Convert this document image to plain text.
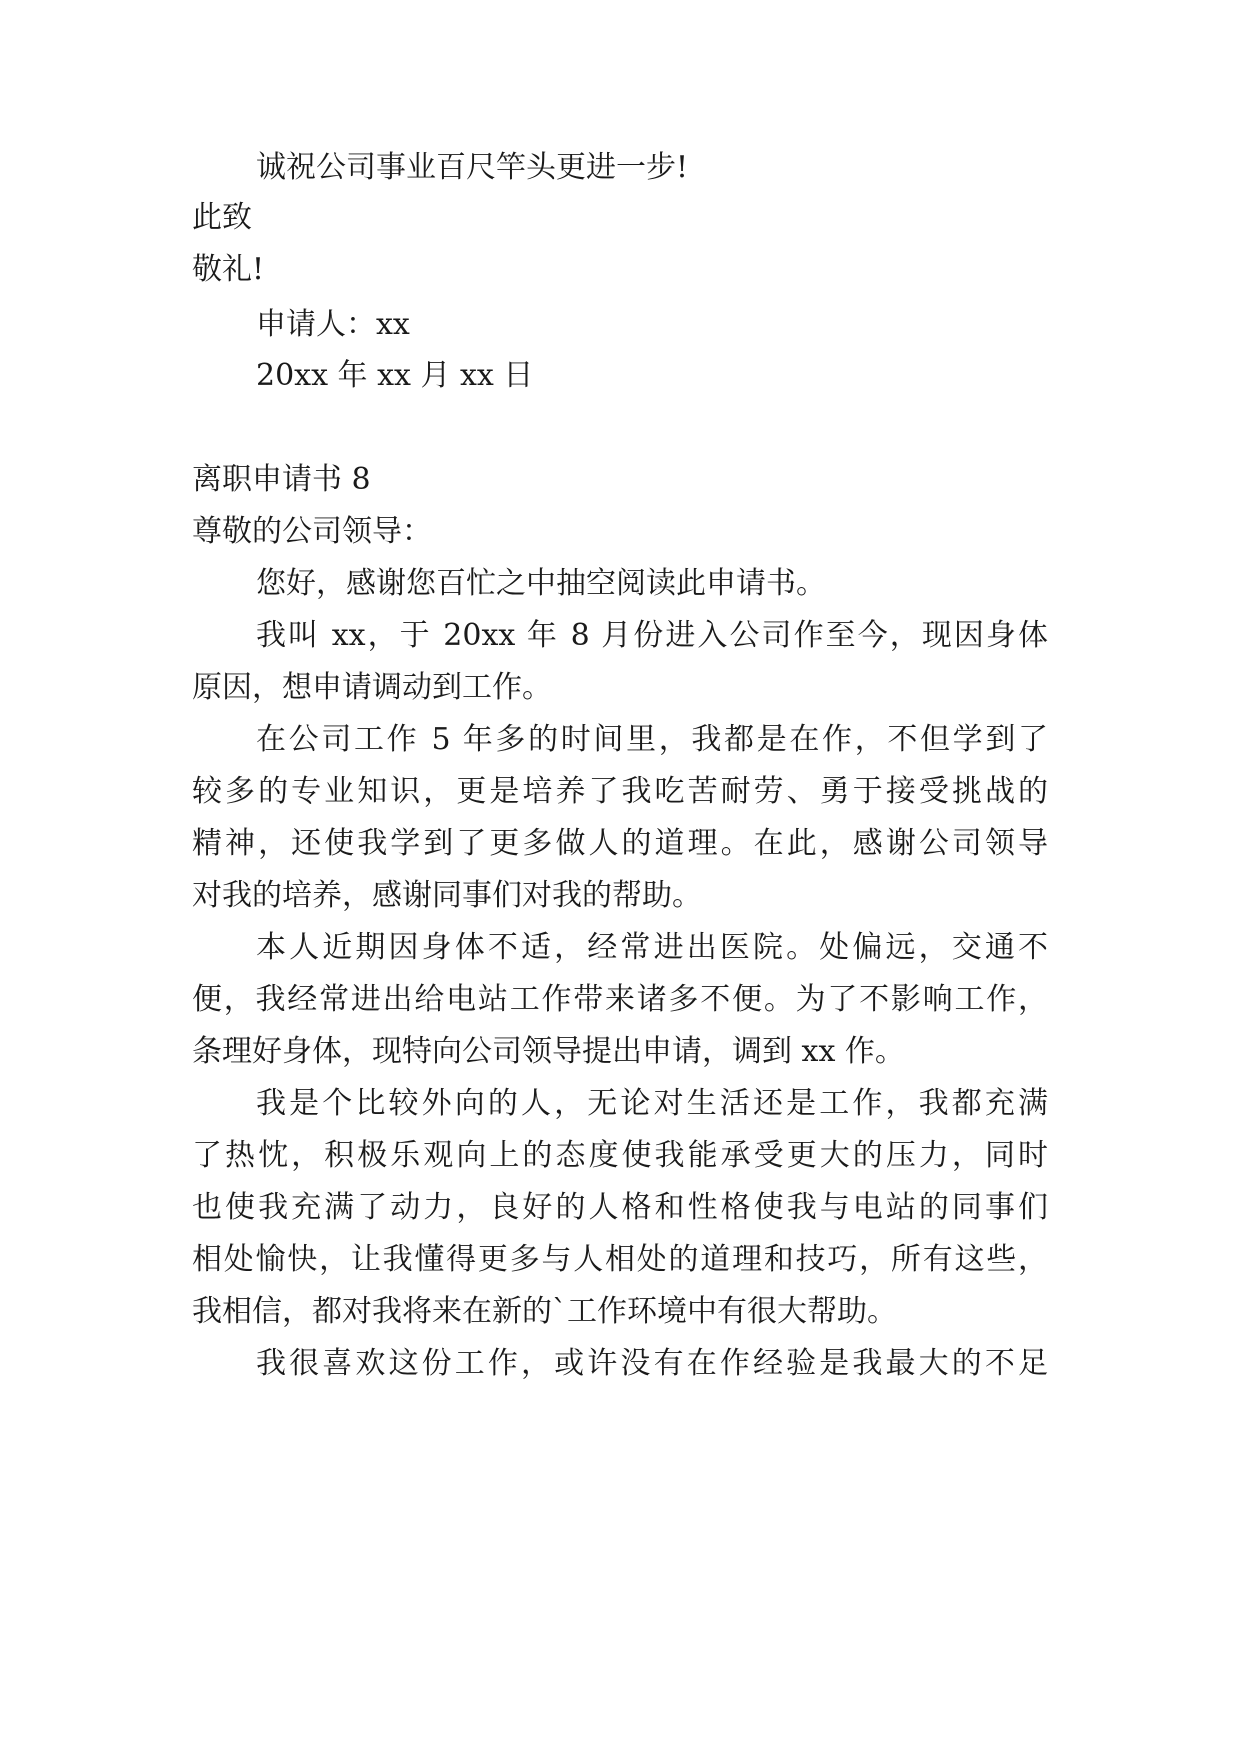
诚祝公司事业百尺竿头更进一步!
此致
敬礼!
申请人：xx
20xx 年 xx 月 xx 日
离职申请书 8
尊敬的公司领导：
您好，感谢您百忙之中抽空阅读此申请书。
我叫 xx，于 20xx 年 8 月份进入公司作至今，现因身体
原因，想申请调动到工作。
在公司工作 5 年多的时间里，我都是在作，不但学到了
较多的专业知识，更是培养了我吃苦耐劳、勇于接受挑战的
精神，还使我学到了更多做人的道理。在此，感谢公司领导
对我的培养，感谢同事们对我的帮助。
本人近期因身体不适，经常进出医院。处偏远，交通不
便，我经常进出给电站工作带来诸多不便。为了不影响工作，
条理好身体，现特向公司领导提出申请，调到 xx 作。
我是个比较外向的人，无论对生活还是工作，我都充满
了热忱，积极乐观向上的态度使我能承受更大的压力，同时
也使我充满了动力，良好的人格和性格使我与电站的同事们
相处愉快，让我懂得更多与人相处的道理和技巧，所有这些，
我相信，都对我将来在新的`工作环境中有很大帮助。
我很喜欢这份工作，或许没有在作经验是我最大的不足
